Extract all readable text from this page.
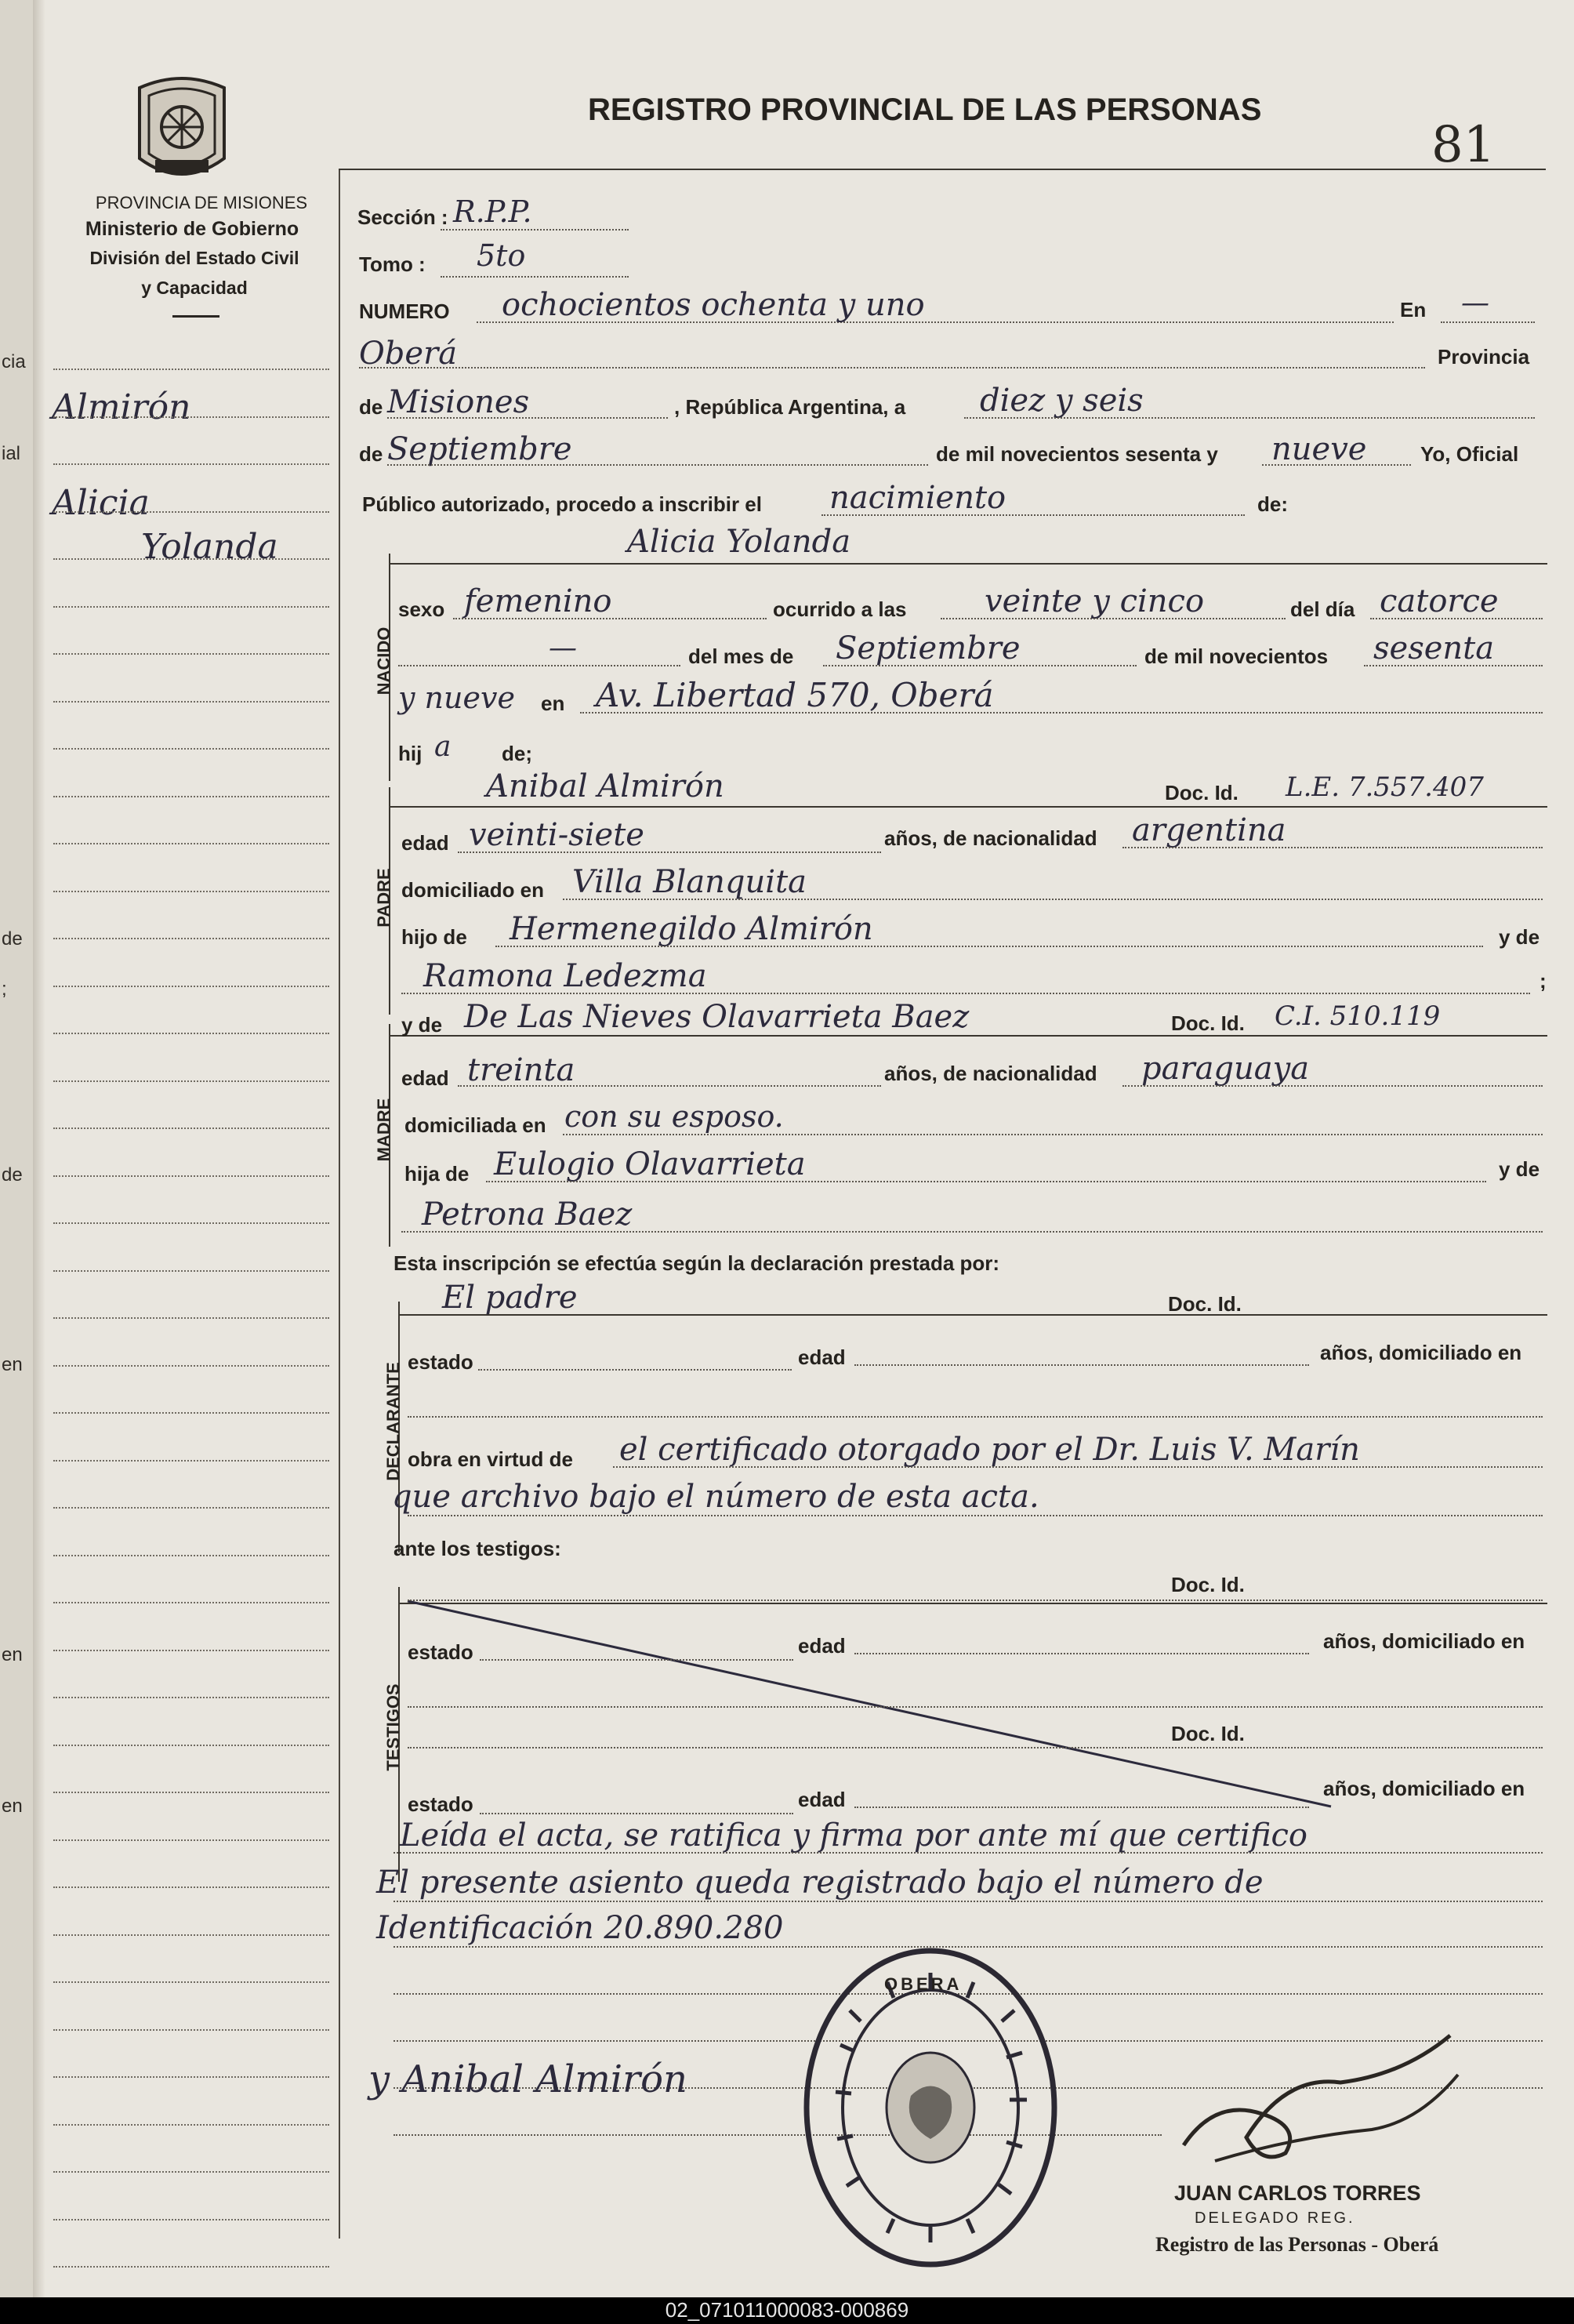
cia
ial
de
;
de
en
en
en
PROVINCIA DE MISIONES
Ministerio de Gobierno
División del Estado Civil
y Capacidad
Almirón
Alicia
Yolanda
REGISTRO PROVINCIAL DE LAS PERSONAS
81
Sección : R.P.P.
Tomo : 5to
NUMERO ochocientos ochenta y uno	En —
Oberá	Provincia
de Misiones	, República Argentina, a diez y seis
de Septiembre	de mil novecientos sesenta y nueve	Yo, Oficial
Público autorizado, procedo a inscribir el nacimiento	de:
NACIDO
Alicia Yolanda
sexo femenino	ocurrido a las veinte y cinco	del día catorce
—	del mes de Septiembre	de mil novecientos sesenta
y nueve en Av. Libertad 570, Oberá
hij a de;
PADRE
Anibal Almirón	Doc. Id. L.E. 7.557.407
edad veinti-siete	años, de nacionalidad argentina
domiciliado en Villa Blanquita
hijo de Hermenegildo Almirón	y de
Ramona Ledezma	;
MADRE
y de De Las Nieves Olavarrieta Baez	Doc. Id. C.I. 510.119
edad treinta	años, de nacionalidad paraguaya
domiciliada en con su esposo.
hija de Eulogio Olavarrieta	y de
Petrona Baez
Esta inscripción se efectúa según la declaración prestada por:
DECLARANTE
El padre	Doc. Id.
estado	edad	años, domiciliado en
obra en virtud de el certificado otorgado por el Dr. Luis V. Marín
que archivo bajo el número de esta acta.
ante los testigos:
TESTIGOS
Doc. Id.
estado	edad	años, domiciliado en
Doc. Id.
estado	edad	años, domiciliado en
Leída el acta, se ratifica y firma por ante mí que certifico
El presente asiento queda registrado bajo el número de
Identificación 20.890.280
y Anibal Almirón
OBERA
JUAN CARLOS TORRES
DELEGADO REG.
Registro de las Personas - Oberá
02_071011000083-000869
